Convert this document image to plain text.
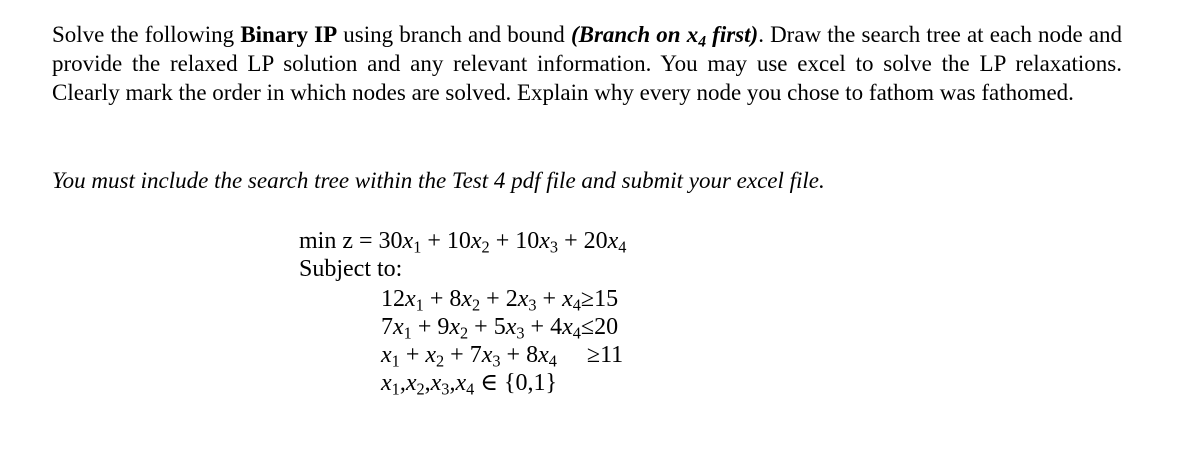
Solve the following Binary IP using branch and bound (Branch on $x_4$ first). Draw the search tree at each node and provide the relaxed LP solution and any relevant information. You may use excel to solve the LP relaxations. Clearly mark the order in which nodes are solved. Explain why every node you chose to fathom was fathomed.
You must include the search tree within the Test 4 pdf file and submit your excel file.
$\min z = 30x_1 + 10x_2 + 10x_3 + 20x_4$
Subject to:
$12x_1 + 8x_2 + 2x_3 + x_4\ge 15$
$7x_1 + 9x_2 + 5x_3 + 4x_4\le 20$
$x_1 + x_2 + 7x_3 + 8x_4$  ≥11
$x_1,x_2,x_3,x_4$ ∈ {0,1}
